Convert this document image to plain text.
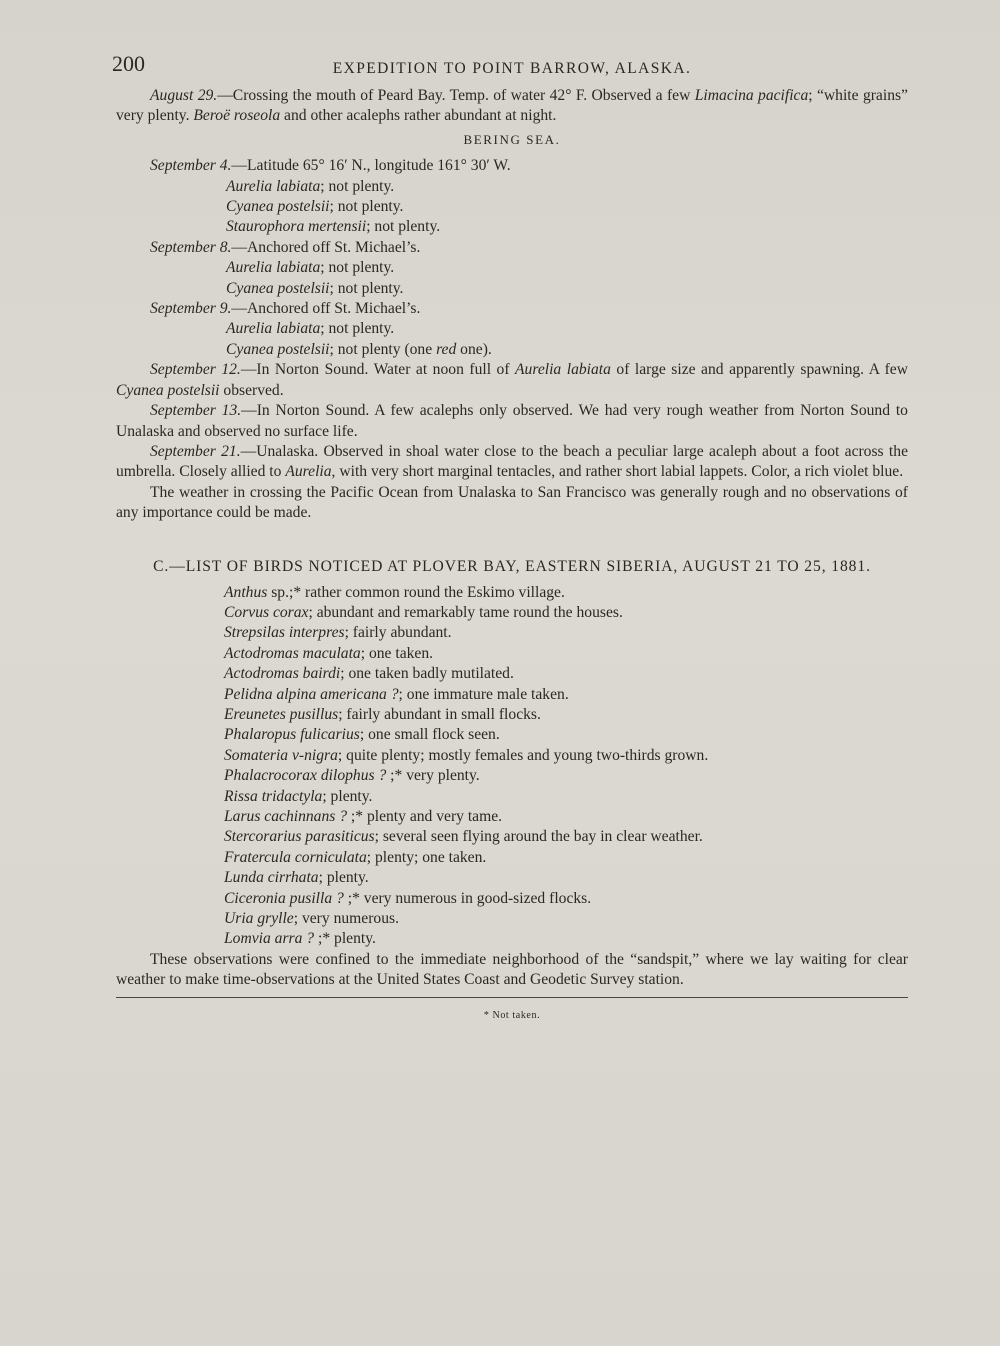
200	EXPEDITION TO POINT BARROW, ALASKA.

August 29.—Crossing the mouth of Peard Bay. Temp. of water 42° F. Observed a few Limacina pacifica; “white grains” very plenty. Beroë roseola and other acalephs rather abundant at night.

BERING SEA.

September 4.—Latitude 65° 16′ N., longitude 161° 30′ W.

Aurelia labiata; not plenty.

Cyanea postelsii; not plenty.

Staurophora mertensii; not plenty.

September 8.—Anchored off St. Michael’s.

Aurelia labiata; not plenty.

Cyanea postelsii; not plenty.

September 9.—Anchored off St. Michael’s.

Aurelia labiata; not plenty.

Cyanea postelsii; not plenty (one red one).

September 12.—In Norton Sound. Water at noon full of Aurelia labiata of large size and apparently spawning. A few Cyanea postelsii observed.

September 13.—In Norton Sound. A few acalephs only observed. We had very rough weather from Norton Sound to Unalaska and observed no surface life.

September 21.—Unalaska. Observed in shoal water close to the beach a peculiar large acaleph about a foot across the umbrella. Closely allied to Aurelia, with very short marginal tentacles, and rather short labial lappets. Color, a rich violet blue.

The weather in crossing the Pacific Ocean from Unalaska to San Francisco was generally rough and no observations of any importance could be made.

C.—LIST OF BIRDS NOTICED AT PLOVER BAY, EASTERN SIBERIA, AUGUST 21 TO 25, 1881.

Anthus sp.;* rather common round the Eskimo village.

Corvus corax; abundant and remarkably tame round the houses.

Strepsilas interpres; fairly abundant.

Actodromas maculata; one taken.

Actodromas bairdi; one taken badly mutilated.

Pelidna alpina americana ?; one immature male taken.

Ereunetes pusillus; fairly abundant in small flocks.

Phalaropus fulicarius; one small flock seen.

Somateria v-nigra; quite plenty; mostly females and young two-thirds grown.

Phalacrocorax dilophus ? ;* very plenty.

Rissa tridactyla; plenty.

Larus cachinnans ? ;* plenty and very tame.

Stercorarius parasiticus; several seen flying around the bay in clear weather.

Fratercula corniculata; plenty; one taken.

Lunda cirrhata; plenty.

Ciceronia pusilla ? ;* very numerous in good-sized flocks.

Uria grylle; very numerous.

Lomvia arra ? ;* plenty.

These observations were confined to the immediate neighborhood of the “sandspit,” where we lay waiting for clear weather to make time-observations at the United States Coast and Geodetic Survey station.

* Not taken.
